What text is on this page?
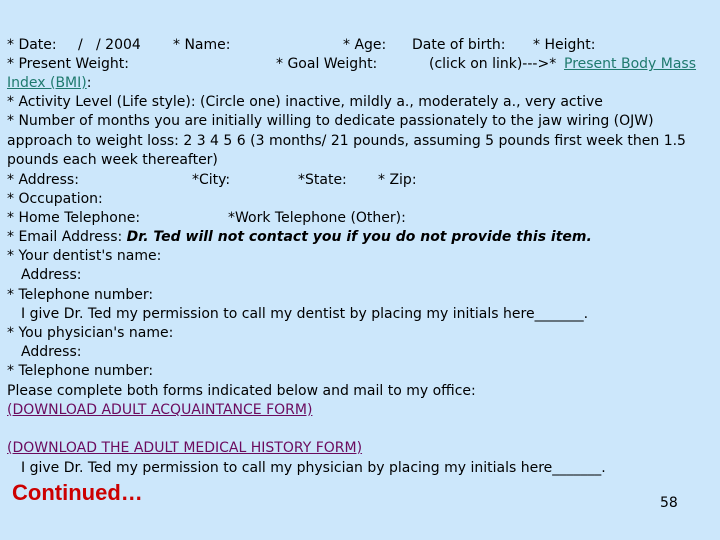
* Date: / / 2004 * Name:	* Age: Date of birth: * Height:
* Present Weight:	* Goal Weight:	(click on link)--->* Present Body Mass
Index (BMI):
* Activity Level (Life style): (Circle one) inactive, mildly a., moderately a., very active
* Number of months you are initially willing to dedicate passionately to the jaw wiring (OJW) approach to weight loss: 2 3 4 5 6 (3 months/ 21 pounds, assuming 5 pounds first week then 1.5 pounds each week thereafter)
* Address:	*City:	*State: * Zip:
* Occupation:
* Home Telephone:	*Work Telephone (Other):
* Email Address: Dr. Ted will not contact you if you do not provide this item.
* Your dentist's name:
Address:
* Telephone number:
I give Dr. Ted my permission to call my dentist by placing my initials here_______.
* You physician's name:
Address:
* Telephone number:
Please complete both forms indicated below and mail to my office:
(DOWNLOAD ADULT ACQUAINTANCE FORM)
(DOWNLOAD THE ADULT MEDICAL HISTORY FORM)
I give Dr. Ted my permission to call my physician by placing my initials here_______.
Continued…	58
